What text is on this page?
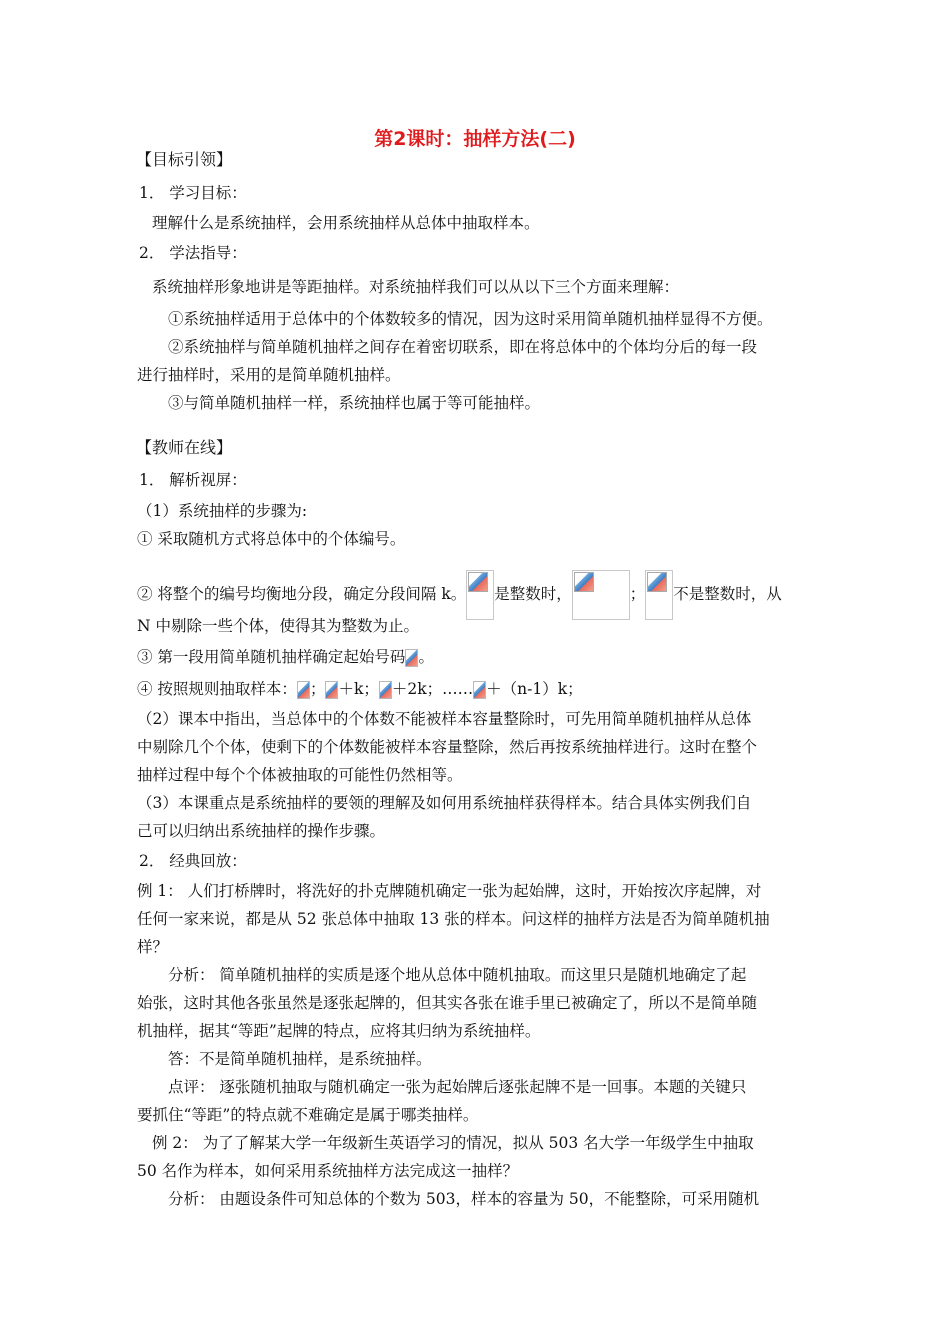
第2课时：抽样方法(二)
【目标引领】
1． 学习目标：
理解什么是系统抽样，会用系统抽样从总体中抽取样本。
2． 学法指导：
系统抽样形象地讲是等距抽样。对系统抽样我们可以从以下三个方面来理解：
①系统抽样适用于总体中的个体数较多的情况，因为这时采用简单随机抽样显得不方便。
②系统抽样与简单随机抽样之间存在着密切联系，即在将总体中的个体均分后的每一段
进行抽样时，采用的是简单随机抽样。
③与简单随机抽样一样，系统抽样也属于等可能抽样。
【教师在线】
1． 解析视屏：
（1）系统抽样的步骤为:
① 采取随机方式将总体中的个体编号。
② 将整个的编号均衡地分段，确定分段间隔 k。 是整数时，	； 不是整数时，从
N 中剔除一些个体，使得其为整数为止。
③ 第一段用简单随机抽样确定起始号码 。
④ 按照规则抽取样本： ； ＋k； ＋2k；…… ＋（n-1）k；
（2）课本中指出，当总体中的个体数不能被样本容量整除时，可先用简单随机抽样从总体
中剔除几个个体，使剩下的个体数能被样本容量整除，然后再按系统抽样进行。这时在整个
抽样过程中每个个体被抽取的可能性仍然相等。
（3）本课重点是系统抽样的要领的理解及如何用系统抽样获得样本。结合具体实例我们自
己可以归纳出系统抽样的操作步骤。
2． 经典回放：
例 1： 人们打桥牌时，将洗好的扑克牌随机确定一张为起始牌，这时，开始按次序起牌，对
任何一家来说，都是从 52 张总体中抽取 13 张的样本。问这样的抽样方法是否为简单随机抽
样？
分析： 简单随机抽样的实质是逐个地从总体中随机抽取。而这里只是随机地确定了起
始张，这时其他各张虽然是逐张起牌的，但其实各张在谁手里已被确定了，所以不是简单随
机抽样，据其“等距”起牌的特点，应将其归纳为系统抽样。
答：不是简单随机抽样，是系统抽样。
点评： 逐张随机抽取与随机确定一张为起始牌后逐张起牌不是一回事。本题的关键只
要抓住“等距”的特点就不难确定是属于哪类抽样。
例 2： 为了了解某大学一年级新生英语学习的情况，拟从 503 名大学一年级学生中抽取
50 名作为样本，如何采用系统抽样方法完成这一抽样？
分析： 由题设条件可知总体的个数为 503，样本的容量为 50，不能整除，可采用随机
